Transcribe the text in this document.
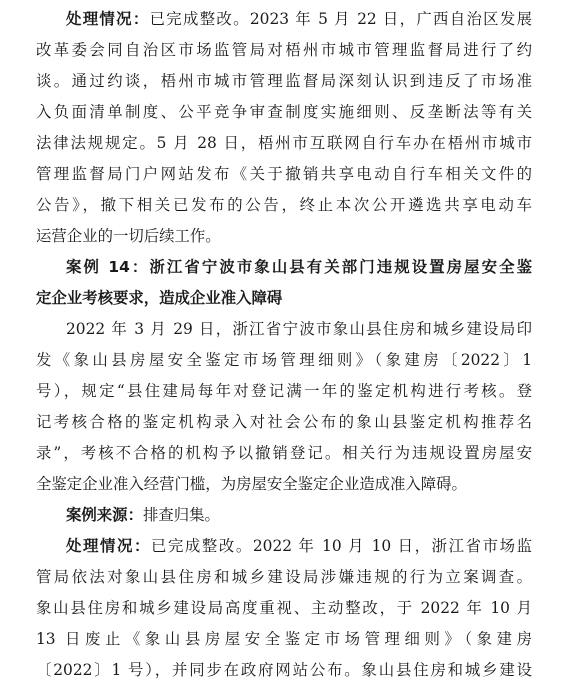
处理情况：已完成整改。2023 年 5 月 22 日，广西自治区发展
改革委会同自治区市场监管局对梧州市城市管理监督局进行了约
谈。通过约谈，梧州市城市管理监督局深刻认识到违反了市场准
入负面清单制度、公平竞争审查制度实施细则、反垄断法等有关
法律法规规定。5 月 28 日，梧州市互联网自行车办在梧州市城市
管理监督局门户网站发布《关于撤销共享电动自行车相关文件的
公告》，撤下相关已发布的公告，终止本次公开遴选共享电动车
运营企业的一切后续工作。
案例 14：浙江省宁波市象山县有关部门违规设置房屋安全鉴
定企业考核要求，造成企业准入障碍
2022 年 3 月 29 日，浙江省宁波市象山县住房和城乡建设局印
发《象山县房屋安全鉴定市场管理细则》（象建房〔2022〕1
号），规定“县住建局每年对登记满一年的鉴定机构进行考核。登
记考核合格的鉴定机构录入对社会公布的象山县鉴定机构推荐名
录”，考核不合格的机构予以撤销登记。相关行为违规设置房屋安
全鉴定企业准入经营门槛，为房屋安全鉴定企业造成准入障碍。
案例来源：排查归集。
处理情况：已完成整改。2022 年 10 月 10 日，浙江省市场监
管局依法对象山县住房和城乡建设局涉嫌违规的行为立案调查。
象山县住房和城乡建设局高度重视、主动整改，于 2022 年 10 月
13 日废止《象山县房屋安全鉴定市场管理细则》（象建房
〔2022〕1 号），并同步在政府网站公布。象山县住房和城乡建设
